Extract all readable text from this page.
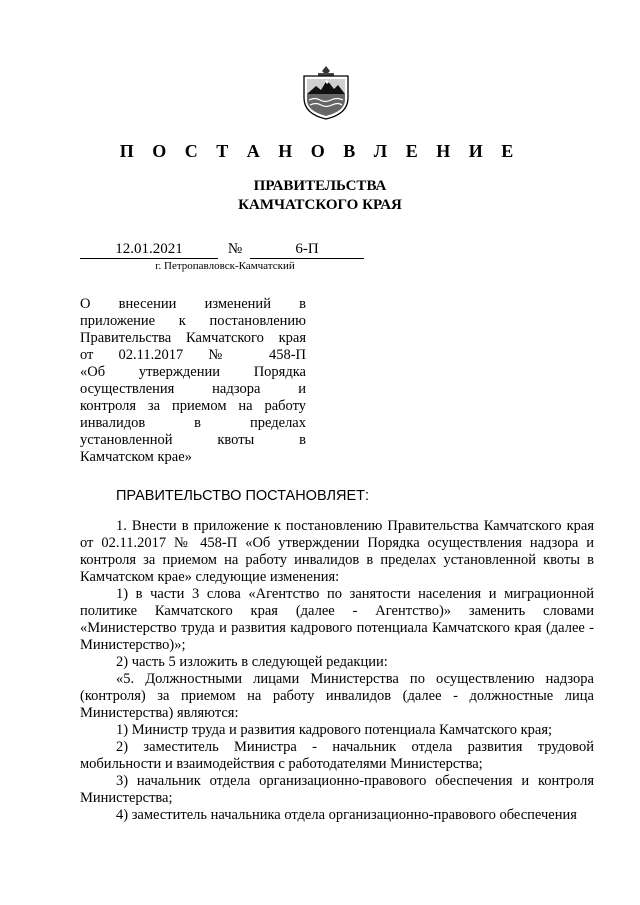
П О С Т А Н О В Л Е Н И Е
ПРАВИТЕЛЬСТВА
КАМЧАТСКОГО КРАЯ
12.01.2021	№	6-П
г. Петропавловск-Камчатский

О внесении изменений в
приложение к постановлению
Правительства Камчатского края
от 02.11.2017 № 458-П
«Об утверждении Порядка
осуществления надзора и
контроля за приемом на работу
инвалидов в пределах
установленной квоты в
Камчатском крае»

ПРАВИТЕЛЬСТВО ПОСТАНОВЛЯЕТ:

1. Внести в приложение к постановлению Правительства Камчатского края от 02.11.2017 № 458-П «Об утверждении Порядка осуществления надзора и контроля за приемом на работу инвалидов в пределах установленной квоты в Камчатском крае» следующие изменения:

1) в части 3 слова «Агентство по занятости населения и миграционной политике Камчатского края (далее - Агентство)» заменить словами «Министерство труда и развития кадрового потенциала Камчатского края (далее - Министерство)»;

2) часть 5 изложить в следующей редакции:

«5. Должностными лицами Министерства по осуществлению надзора (контроля) за приемом на работу инвалидов (далее - должностные лица Министерства) являются:

1) Министр труда и развития кадрового потенциала Камчатского края;

2) заместитель Министра - начальник отдела развития трудовой мобильности и взаимодействия с работодателями Министерства;

3) начальник отдела организационно-правового обеспечения и контроля Министерства;

4) заместитель начальника отдела организационно-правового обеспечения
